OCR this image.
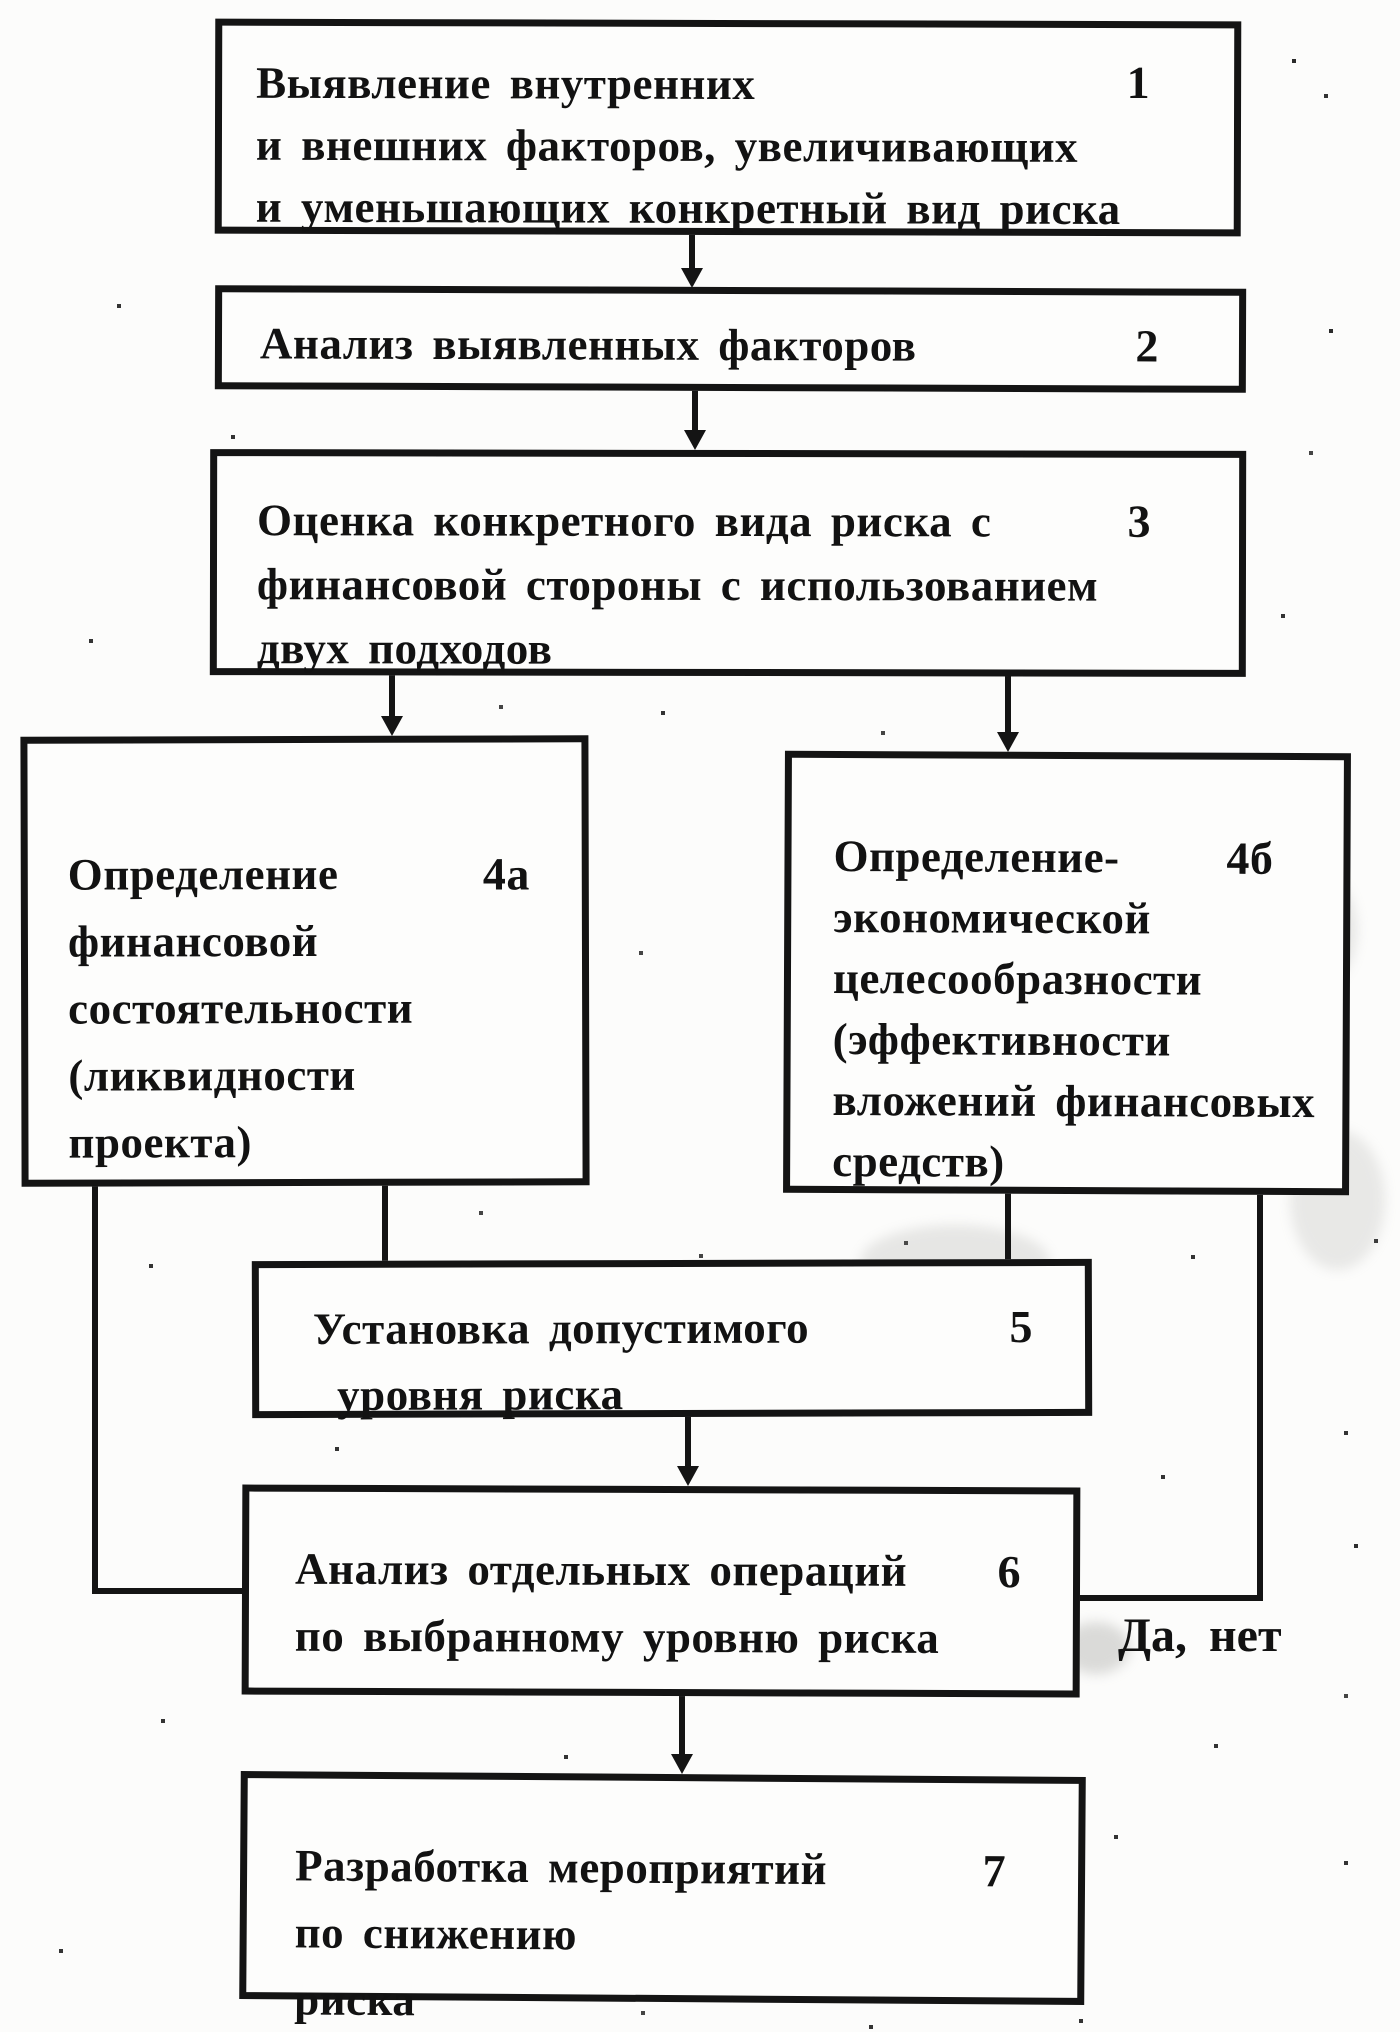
1
Выявление внутренних
и внешних факторов, увеличивающих
и уменьшающих конкретный вид риска
2
Анализ выявленных факторов
3
Оценка конкретного вида риска с
финансовой стороны с использованием
двух подходов
4а
Определение
финансовой
состоятельности
(ликвидности
проекта)
4б
Определение-
экономической
целесообразности
(эффективности
вложений финансовых
средств)
5
Установка допустимого
уровня риска
6
Анализ отдельных операций
по выбранному уровню риска
7
Разработка мероприятий
по снижению
риска
Да, нет
